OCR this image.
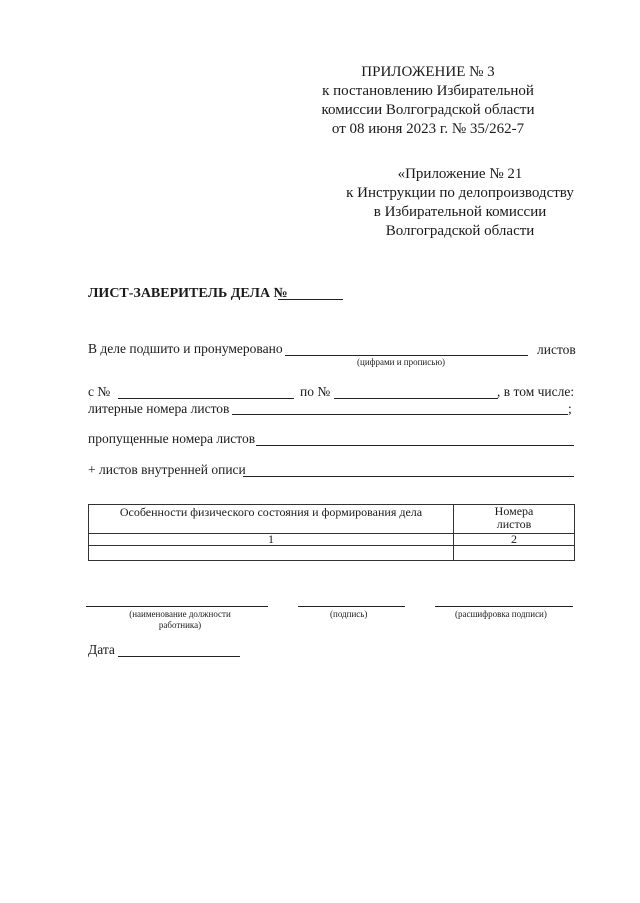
ПРИЛОЖЕНИЕ № 3
к постановлению Избирательной
комиссии Волгоградской области
от 08 июня 2023 г. № 35/262-7
«Приложение № 21
к Инструкции по делопроизводству
в Избирательной комиссии
Волгоградской области
ЛИСТ-ЗАВЕРИТЕЛЬ ДЕЛА №
В деле подшито и пронумеровано	листов
(цифрами и прописью)
с №	по №	, в том числе:
литерные номера листов	;
пропущенные номера листов
+ листов внутренней описи
Особенности физического состояния и формирования дела	Номера листов

1	2

(наименование должности работника)
(подпись)	(расшифровка подписи)
Дата
